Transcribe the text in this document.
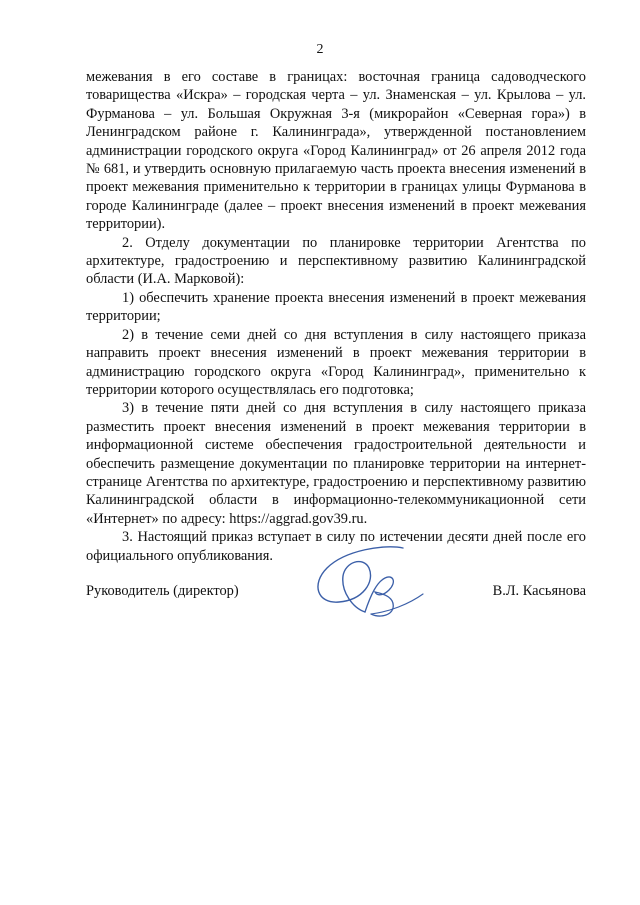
2

межевания в его составе в границах: восточная граница садоводческого товарищества «Искра» – городская черта – ул. Знаменская – ул. Крылова – ул. Фурманова – ул. Большая Окружная 3-я (микрорайон «Северная гора») в Ленинградском районе г. Калининграда», утвержденной постановлением администрации городского округа «Город Калининград» от 26 апреля 2012 года № 681, и утвердить основную прилагаемую часть проекта внесения изменений в проект межевания применительно к территории в границах улицы Фурманова в городе Калининграде (далее – проект внесения изменений в проект межевания территории).

2. Отделу документации по планировке территории Агентства по архитектуре, градостроению и перспективному развитию Калининградской области (И.А. Марковой):

1) обеспечить хранение проекта внесения изменений в проект межевания территории;

2) в течение семи дней со дня вступления в силу настоящего приказа направить проект внесения изменений в проект межевания территории в администрацию городского округа «Город Калининград», применительно к территории которого осуществлялась его подготовка;

3) в течение пяти дней со дня вступления в силу настоящего приказа разместить проект внесения изменений в проект межевания территории в информационной системе обеспечения градостроительной деятельности и обеспечить размещение документации по планировке территории на интернет-странице Агентства по архитектуре, градостроению и перспективному развитию Калининградской области в информационно-телекоммуникационной сети «Интернет» по адресу: https://aggrad.gov39.ru.

3. Настоящий приказ вступает в силу по истечении десяти дней после его официального опубликования.

Руководитель (директор)	В.Л. Касьянова
